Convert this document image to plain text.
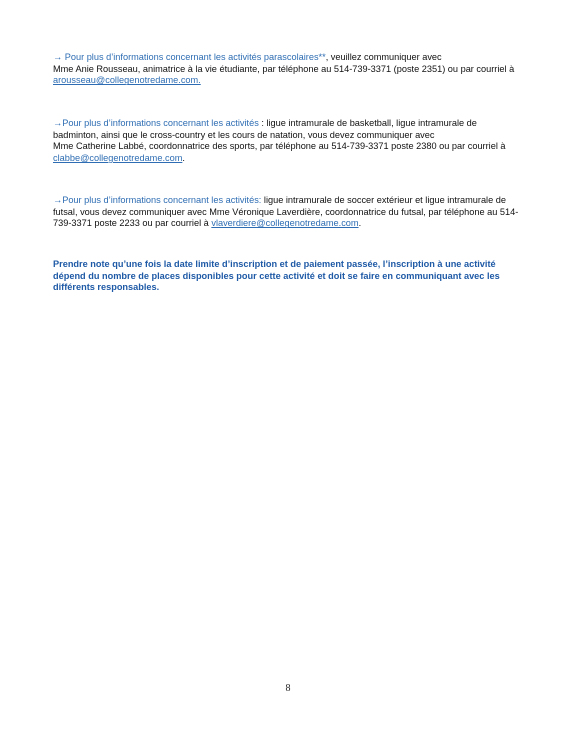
→ Pour plus d’informations concernant les activités parascolaires**, veuillez communiquer avec
Mme Anie Rousseau, animatrice à la vie étudiante, par téléphone au 514-739-3371 (poste 2351) ou par courriel à
arousseau@collegenotredame.com.
→Pour plus d’informations concernant les activités : ligue intramurale de basketball, ligue intramurale de
badminton, ainsi que le cross-country et les cours de natation, vous devez communiquer avec
Mme Catherine Labbé, coordonnatrice des sports, par téléphone au 514-739-3371 poste 2380 ou par courriel à
clabbe@collegenotredame.com.
→Pour plus d’informations concernant les activités: ligue intramurale de soccer extérieur et ligue intramurale de
futsal, vous devez communiquer avec Mme Véronique Laverdière, coordonnatrice du futsal, par téléphone au 514-
739-3371 poste 2233 ou par courriel à vlaverdiere@collegenotredame.com.
Prendre note qu’une fois la date limite d’inscription et de paiement passée, l’inscription à une activité
dépend du nombre de places disponibles pour cette activité et doit se faire en communiquant avec les
différents responsables.
8
